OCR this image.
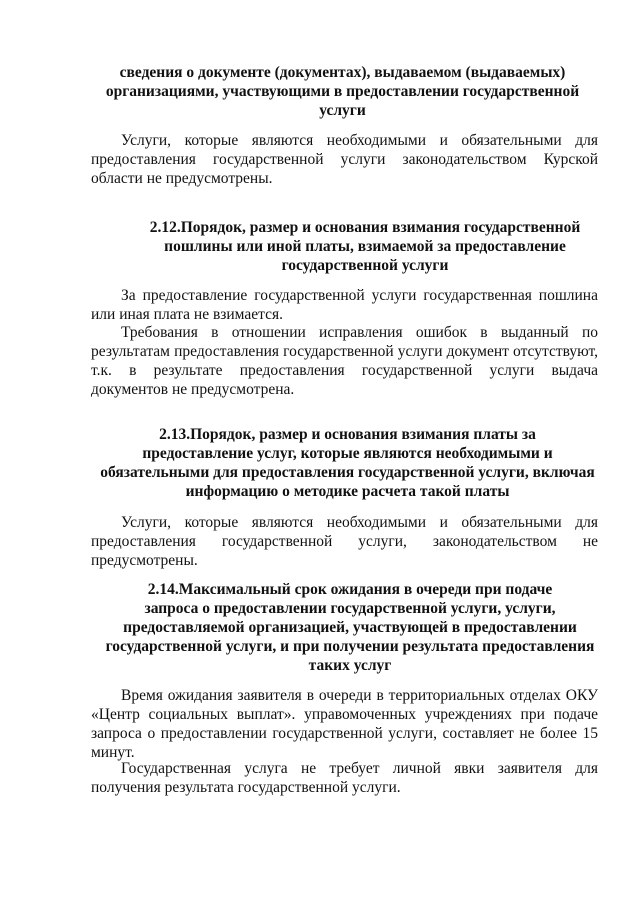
сведения о документе (документах), выдаваемом (выдаваемых)
организациями, участвующими в предоставлении государственной
услуги

Услуги, которые являются необходимыми и обязательными для предоставления государственной услуги законодательством Курской области не предусмотрены.

2.12.Порядок, размер и основания взимания государственной
пошлины или иной платы, взимаемой за предоставление
государственной услуги

За предоставление государственной услуги государственная пошлина или иная плата не взимается.

Требования в отношении исправления ошибок в выданный по результатам предоставления государственной услуги документ отсутствуют, т.к. в результате предоставления государственной услуги выдача документов не предусмотрена.

2.13.Порядок, размер и основания взимания платы за
предоставление услуг, которые являются необходимыми и
обязательными для предоставления государственной услуги, включая
информацию о методике расчета такой платы

Услуги, которые являются необходимыми и обязательными для предоставления государственной услуги, законодательством не предусмотрены.

2.14.Максимальный срок ожидания в очереди при подаче
запроса о предоставлении государственной услуги, услуги,
предоставляемой организацией, участвующей в предоставлении
государственной услуги, и при получении результата предоставления
таких услуг

Время ожидания заявителя в очереди в территориальных отделах ОКУ «Центр социальных выплат». управомоченных учреждениях при подаче запроса о предоставлении государственной услуги, составляет не более 15 минут.

Государственная услуга не требует личной явки заявителя для получения результата государственной услуги.
